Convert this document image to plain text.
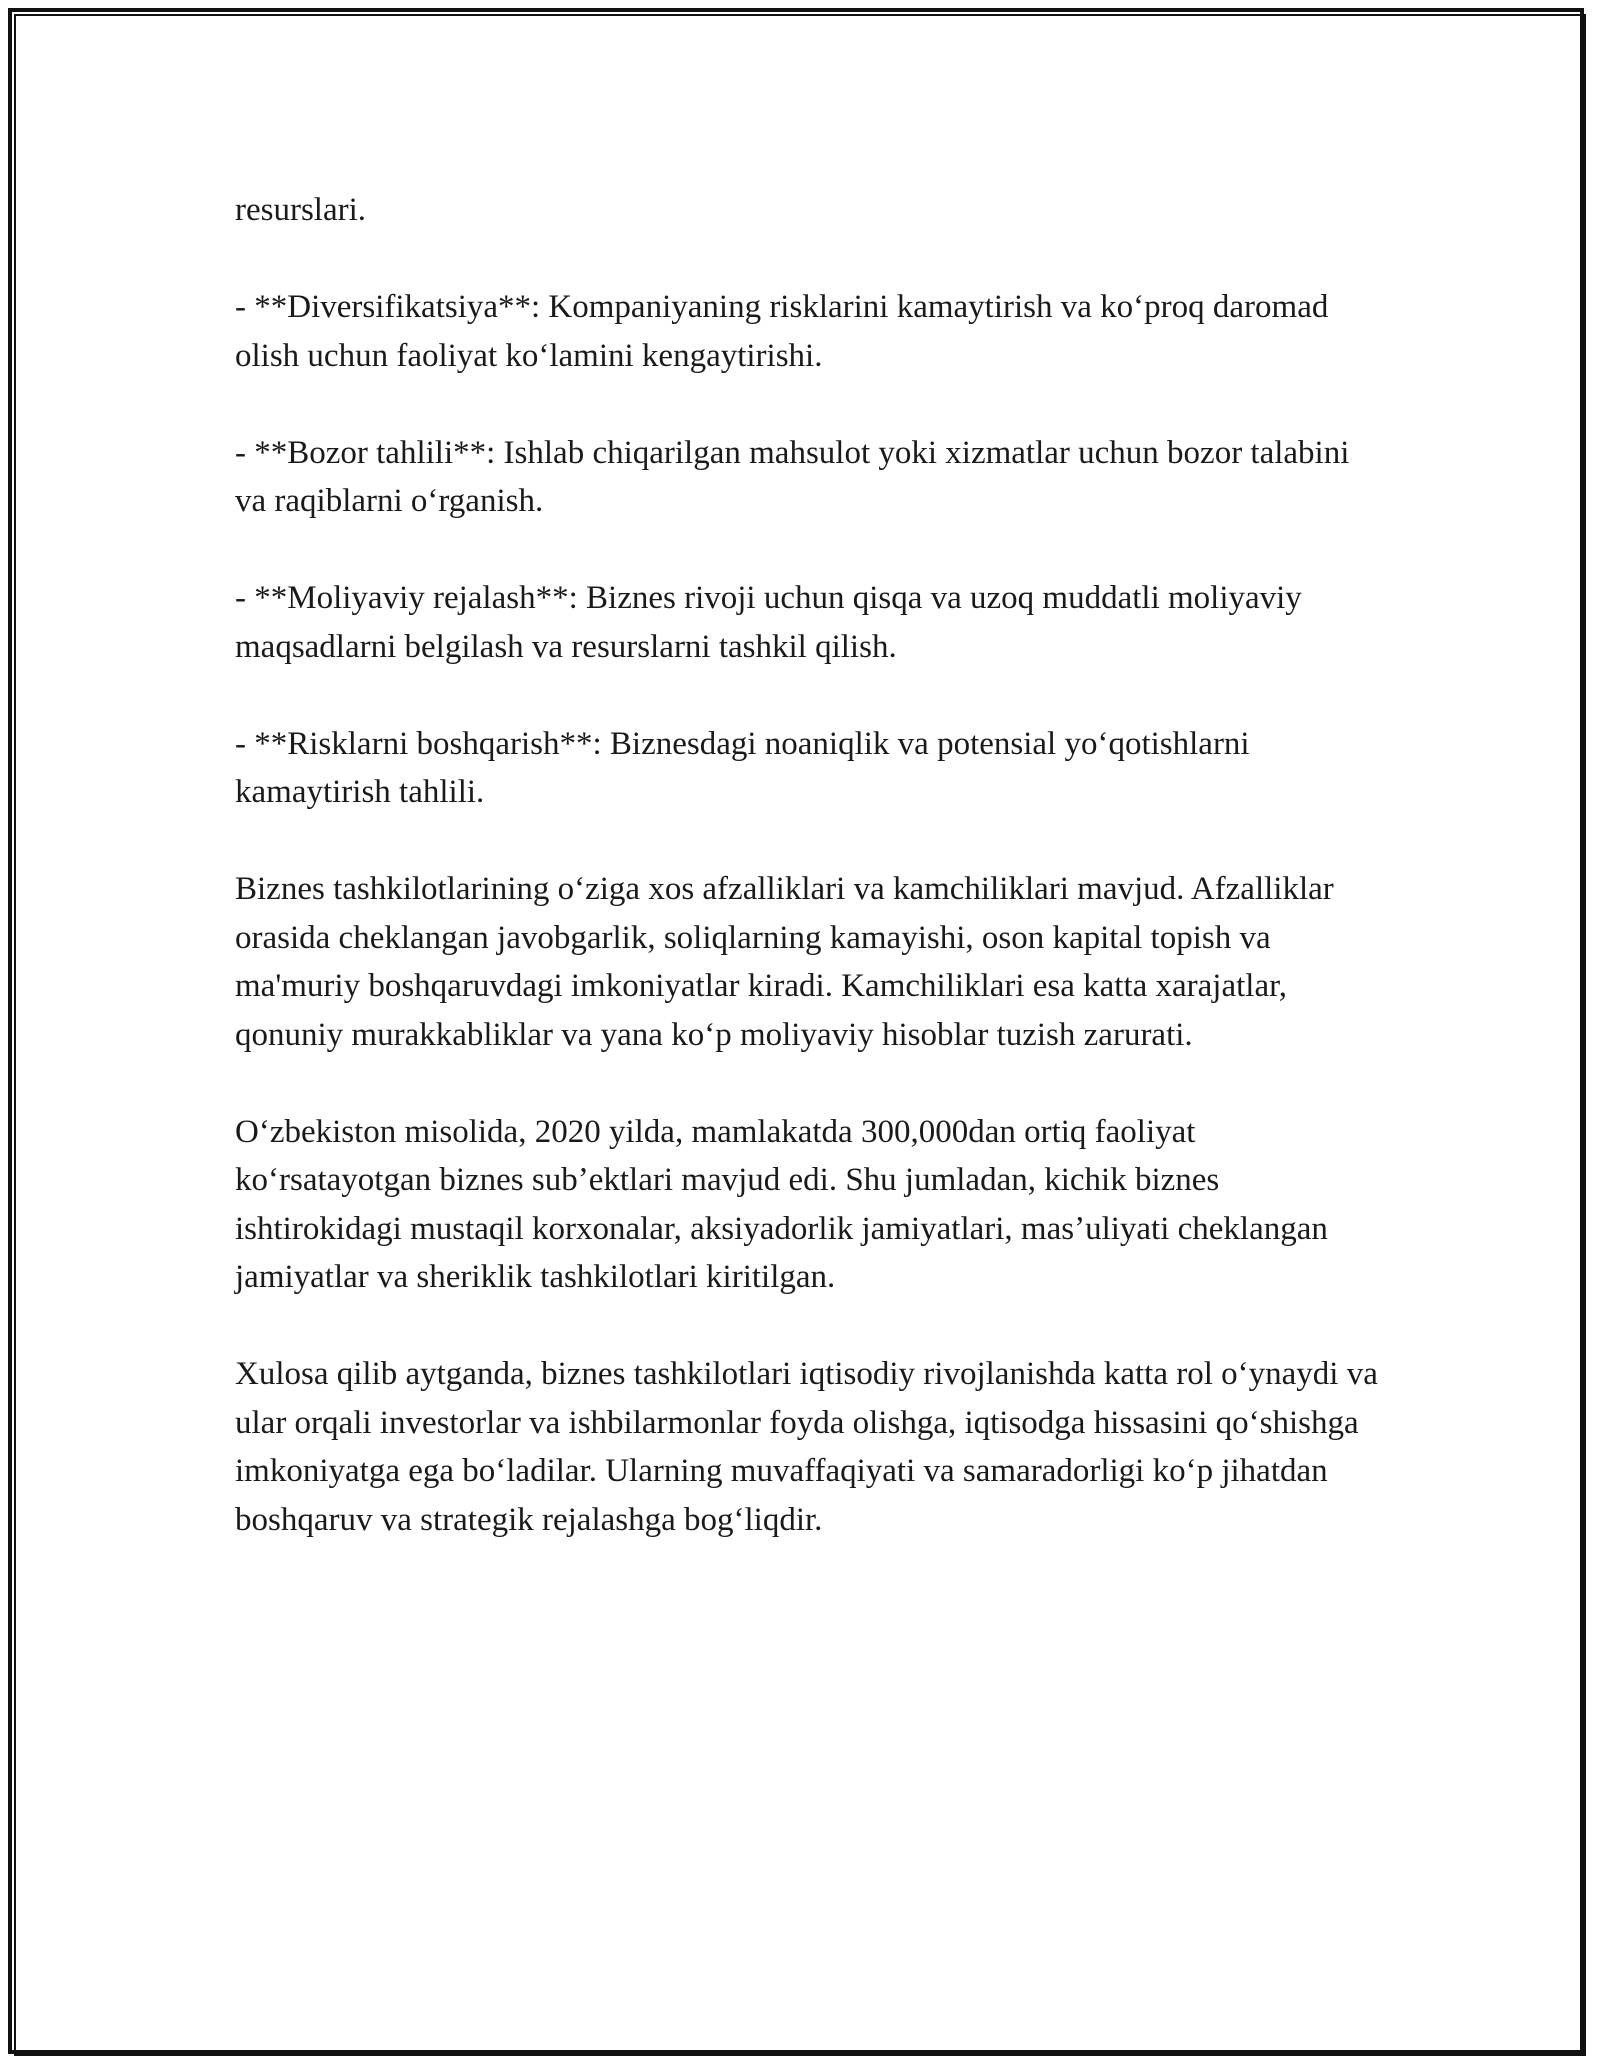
resurslari.

- **Diversifikatsiya**: Kompaniyaning risklarini kamaytirish va koʻproq daromad olish uchun faoliyat koʻlamini kengaytirishi.

- **Bozor tahlili**: Ishlab chiqarilgan mahsulot yoki xizmatlar uchun bozor talabini va raqiblarni oʻrganish.

- **Moliyaviy rejalash**: Biznes rivoji uchun qisqa va uzoq muddatli moliyaviy maqsadlarni belgilash va resurslarni tashkil qilish.

- **Risklarni boshqarish**: Biznesdagi noaniqlik va potensial yoʻqotishlarni kamaytirish tahlili.

Biznes tashkilotlarining oʻziga xos afzalliklari va kamchiliklari mavjud. Afzalliklar orasida cheklangan javobgarlik, soliqlarning kamayishi, oson kapital topish va ma'muriy boshqaruvdagi imkoniyatlar kiradi. Kamchiliklari esa katta xarajatlar, qonuniy murakkabliklar va yana koʻp moliyaviy hisoblar tuzish zarurati.

Oʻzbekiston misolida, 2020 yilda, mamlakatda 300,000dan ortiq faoliyat koʻrsatayotgan biznes subʼektlari mavjud edi. Shu jumladan, kichik biznes ishtirokidagi mustaqil korxonalar, aksiyadorlik jamiyatlari, masʼuliyati cheklangan jamiyatlar va sheriklik tashkilotlari kiritilgan.

Xulosa qilib aytganda, biznes tashkilotlari iqtisodiy rivojlanishda katta rol oʻynaydi va ular orqali investorlar va ishbilarmonlar foyda olishga, iqtisodga hissasini qoʻshishga imkoniyatga ega boʻladilar. Ularning muvaffaqiyati va samaradorligi koʻp jihatdan boshqaruv va strategik rejalashga bogʻliqdir.
